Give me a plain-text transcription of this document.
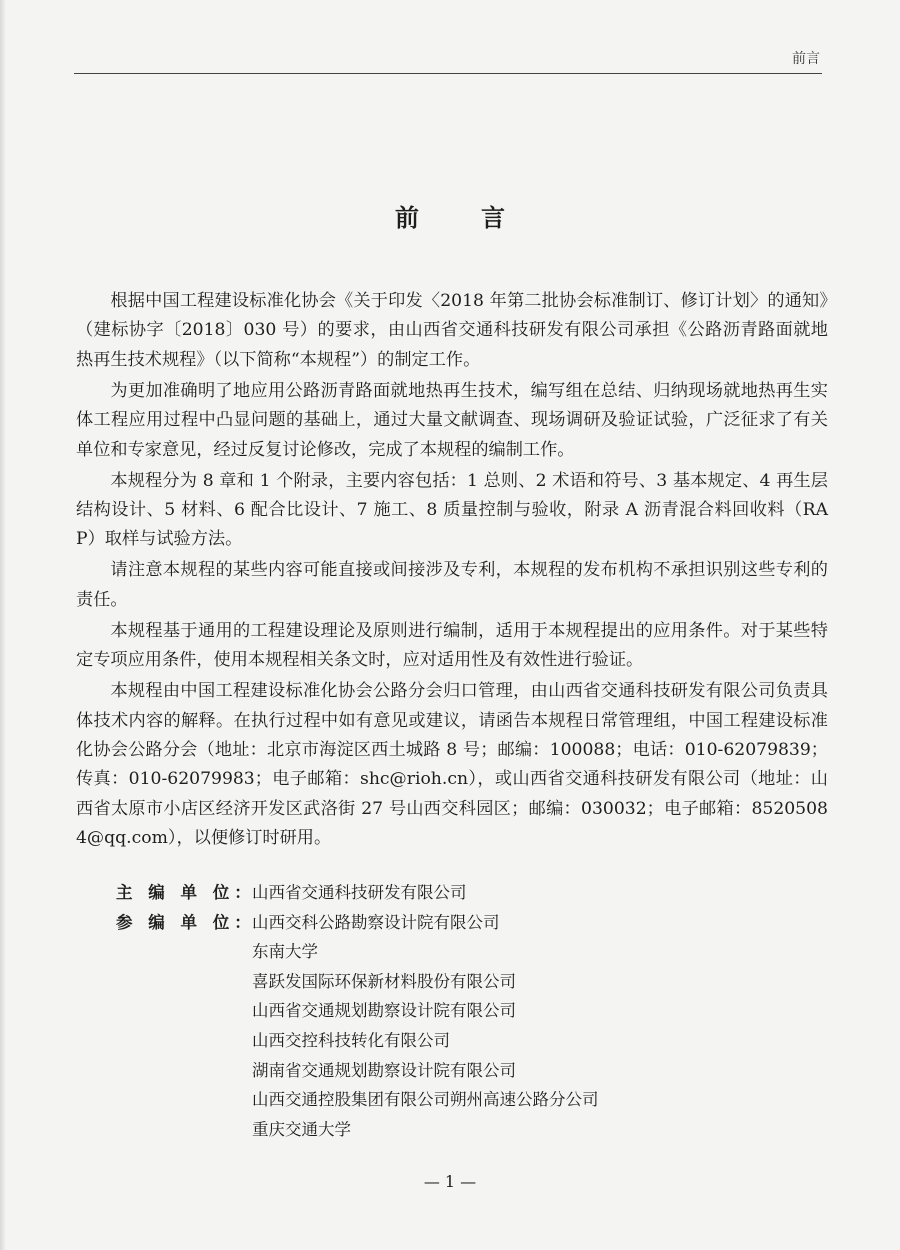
前言
前言

根据中国工程建设标准化协会《关于印发〈2018 年第二批协会标准制订、修订计划〉的通知》（建标协字〔2018〕030 号）的要求，由山西省交通科技研发有限公司承担《公路沥青路面就地热再生技术规程》（以下简称“本规程”）的制定工作。

为更加准确明了地应用公路沥青路面就地热再生技术，编写组在总结、归纳现场就地热再生实体工程应用过程中凸显问题的基础上，通过大量文献调查、现场调研及验证试验，广泛征求了有关单位和专家意见，经过反复讨论修改，完成了本规程的编制工作。

本规程分为 8 章和 1 个附录，主要内容包括：1 总则、2 术语和符号、3 基本规定、4 再生层结构设计、5 材料、6 配合比设计、7 施工、8 质量控制与验收，附录 A 沥青混合料回收料（RAP）取样与试验方法。

请注意本规程的某些内容可能直接或间接涉及专利，本规程的发布机构不承担识别这些专利的责任。

本规程基于通用的工程建设理论及原则进行编制，适用于本规程提出的应用条件。对于某些特定专项应用条件，使用本规程相关条文时，应对适用性及有效性进行验证。

本规程由中国工程建设标准化协会公路分会归口管理，由山西省交通科技研发有限公司负责具体技术内容的解释。在执行过程中如有意见或建议，请函告本规程日常管理组，中国工程建设标准化协会公路分会（地址：北京市海淀区西土城路 8 号；邮编：100088；电话：010-62079839；传真：010-62079983；电子邮箱：shc@rioh.cn），或山西省交通科技研发有限公司（地址：山西省太原市小店区经济开发区武洛街 27 号山西交科园区；邮编：030032；电子邮箱：85205084@qq.com），以便修订时研用。

主 编 单 位：
山西省交通科技研发有限公司
参 编 单 位：
山西交科公路勘察设计院有限公司
东南大学
喜跃发国际环保新材料股份有限公司
山西省交通规划勘察设计院有限公司
山西交控科技转化有限公司
湖南省交通规划勘察设计院有限公司
山西交通控股集团有限公司朔州高速公路分公司
重庆交通大学
— 1 —
